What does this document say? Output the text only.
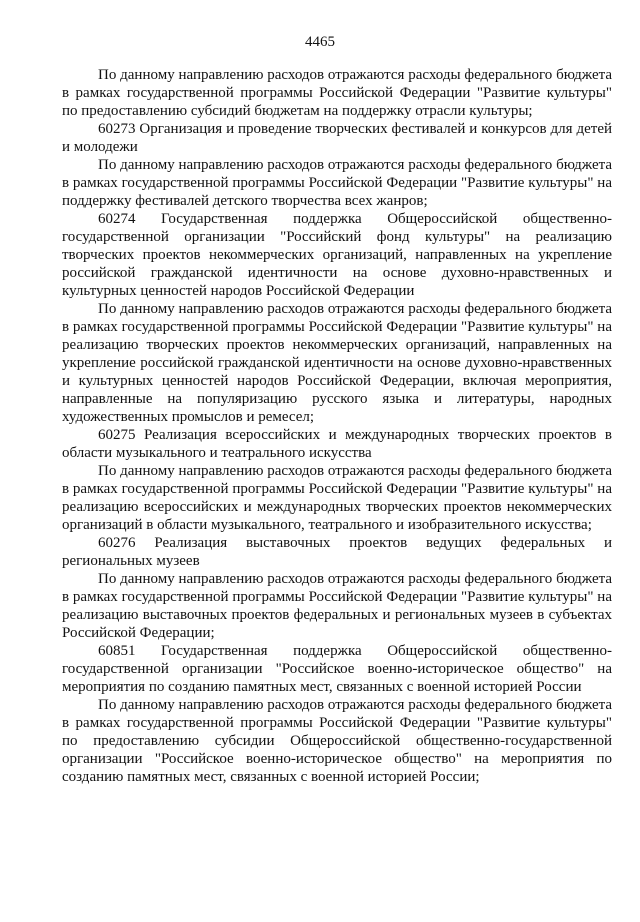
4465

По данному направлению расходов отражаются расходы федерального бюджета в рамках государственной программы Российской Федерации "Развитие культуры" по предоставлению субсидий бюджетам на поддержку отрасли культуры;

60273 Организация и проведение творческих фестивалей и конкурсов для детей и молодежи

По данному направлению расходов отражаются расходы федерального бюджета в рамках государственной программы Российской Федерации "Развитие культуры" на поддержку фестивалей детского творчества всех жанров;

60274 Государственная поддержка Общероссийской общественно-государственной организации "Российский фонд культуры" на реализацию творческих проектов некоммерческих организаций, направленных на укрепление российской гражданской идентичности на основе духовно-нравственных и культурных ценностей народов Российской Федерации

По данному направлению расходов отражаются расходы федерального бюджета в рамках государственной программы Российской Федерации "Развитие культуры" на реализацию творческих проектов некоммерческих организаций, направленных на укрепление российской гражданской идентичности на основе духовно-нравственных и культурных ценностей народов Российской Федерации, включая мероприятия, направленные на популяризацию русского языка и литературы, народных художественных промыслов и ремесел;

60275 Реализация всероссийских и международных творческих проектов в области музыкального и театрального искусства

По данному направлению расходов отражаются расходы федерального бюджета в рамках государственной программы Российской Федерации "Развитие культуры" на реализацию всероссийских и международных творческих проектов некоммерческих организаций в области музыкального, театрального и изобразительного искусства;

60276 Реализация выставочных проектов ведущих федеральных и региональных музеев

По данному направлению расходов отражаются расходы федерального бюджета в рамках государственной программы Российской Федерации "Развитие культуры" на реализацию выставочных проектов федеральных и региональных музеев в субъектах Российской Федерации;

60851 Государственная поддержка Общероссийской общественно-государственной организации "Российское военно-историческое общество" на мероприятия по созданию памятных мест, связанных с военной историей России

По данному направлению расходов отражаются расходы федерального бюджета в рамках государственной программы Российской Федерации "Развитие культуры" по предоставлению субсидии Общероссийской общественно-государственной организации "Российское военно-историческое общество" на мероприятия по созданию памятных мест, связанных с военной историей России;
